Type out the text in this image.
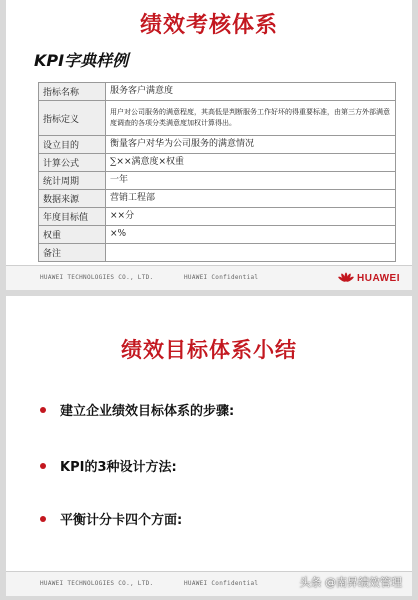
绩效考核体系
KPI字典样例
指标名称	服务客户满意度
指标定义	用户对公司服务的满意程度，其高低是判断服务工作好坏的得重要标准，由第三方外部满意度调查的各项分类满意度加权计算得出。
设立目的	衡量客户对华为公司服务的满意情况
计算公式	∑××满意度×权重
统计周期	一年
数据来源	营销工程部
年度目标值	××分
权重	×%
备注	
HUAWEI TECHNOLOGIES CO., LTD.	HUAWEI Confidential	HUAWEI
绩效目标体系小结
建立企业绩效目标体系的步骤:
KPI的3种设计方法:
平衡计分卡四个方面:
HUAWEI TECHNOLOGIES CO., LTD.	HUAWEI Confidential	头条 @南昇绩效管理
